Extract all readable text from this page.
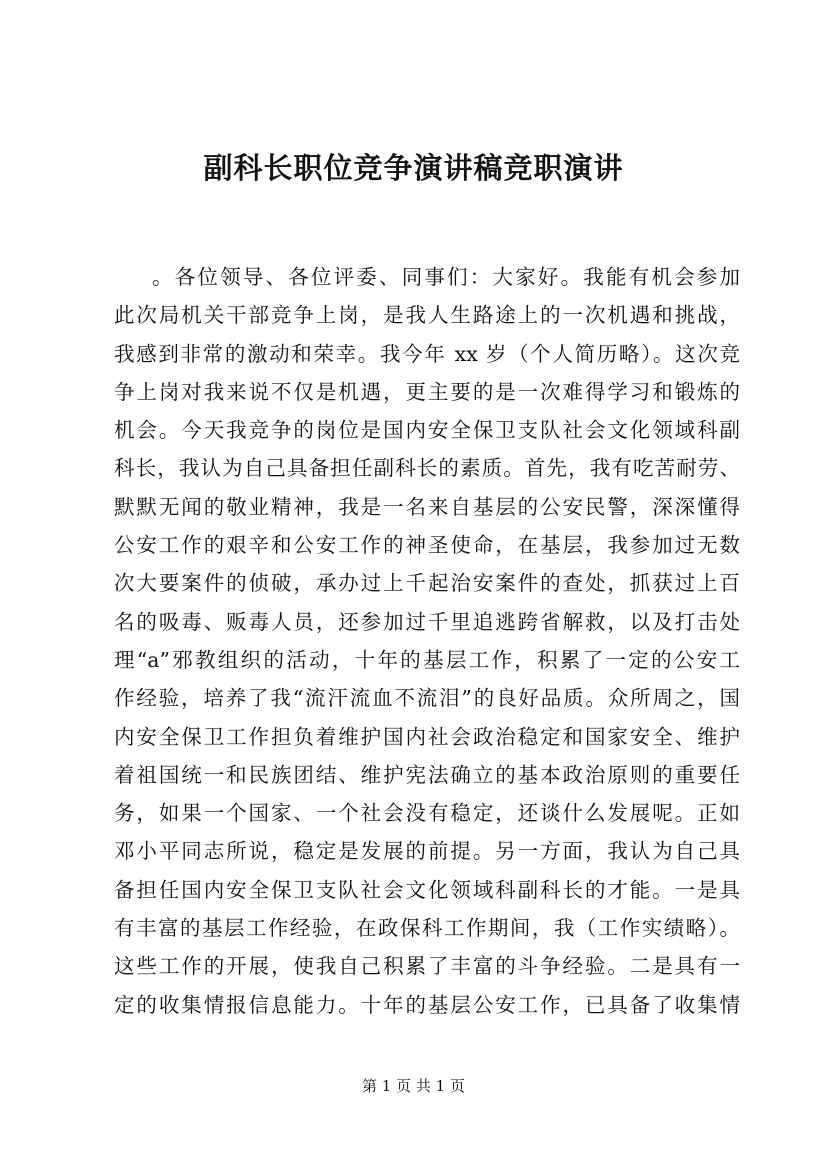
副科长职位竞争演讲稿竞职演讲
。各位领导、各位评委、同事们：大家好。我能有机会参加
此次局机关干部竞争上岗，是我人生路途上的一次机遇和挑战，
我感到非常的激动和荣幸。我今年 xx 岁（个人简历略）。这次竞
争上岗对我来说不仅是机遇，更主要的是一次难得学习和锻炼的
机会。今天我竞争的岗位是国内安全保卫支队社会文化领域科副
科长，我认为自己具备担任副科长的素质。首先，我有吃苦耐劳、
默默无闻的敬业精神，我是一名来自基层的公安民警，深深懂得
公安工作的艰辛和公安工作的神圣使命，在基层，我参加过无数
次大要案件的侦破，承办过上千起治安案件的查处，抓获过上百
名的吸毒、贩毒人员，还参加过千里追逃跨省解救，以及打击处
理“a”邪教组织的活动，十年的基层工作，积累了一定的公安工
作经验，培养了我“流汗流血不流泪”的良好品质。众所周之，国
内安全保卫工作担负着维护国内社会政治稳定和国家安全、维护
着祖国统一和民族团结、维护宪法确立的基本政治原则的重要任
务，如果一个国家、一个社会没有稳定，还谈什么发展呢。正如
邓小平同志所说，稳定是发展的前提。另一方面，我认为自己具
备担任国内安全保卫支队社会文化领域科副科长的才能。一是具
有丰富的基层工作经验，在政保科工作期间，我（工作实绩略）。
这些工作的开展，使我自己积累了丰富的斗争经验。二是具有一
定的收集情报信息能力。十年的基层公安工作，已具备了收集情
第 1 页 共 1 页
